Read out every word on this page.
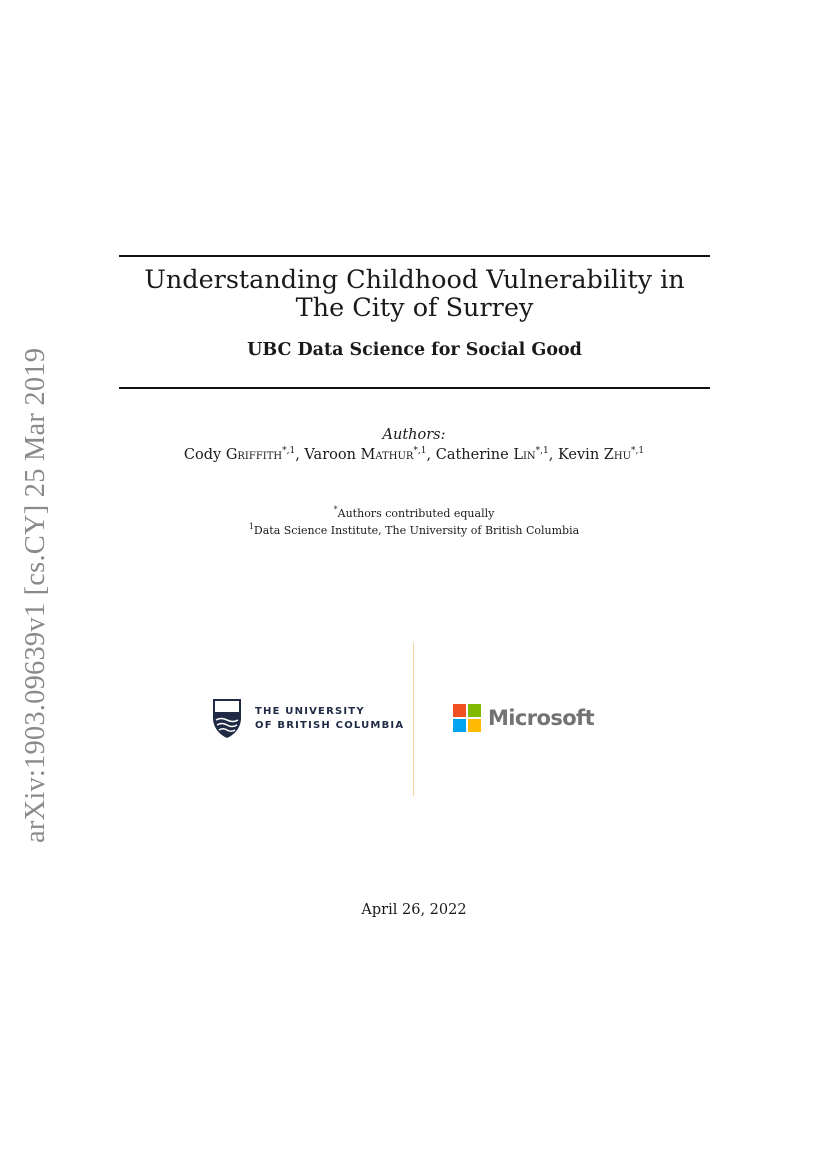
arXiv:1903.09639v1 [cs.CY] 25 Mar 2019
Understanding Childhood Vulnerability in
The City of Surrey
UBC Data Science for Social Good
Authors:
Cody Griffith$^{*,1}$, Varoon Mathur$^{*,1}$, Catherine Lin$^{*,1}$, Kevin Zhu$^{*,1}$
*Authors contributed equally
$^1$Data Science Institute, The University of British Columbia
THE UNIVERSITY
OF BRITISH COLUMBIA	Microsoft
April 26, 2022
